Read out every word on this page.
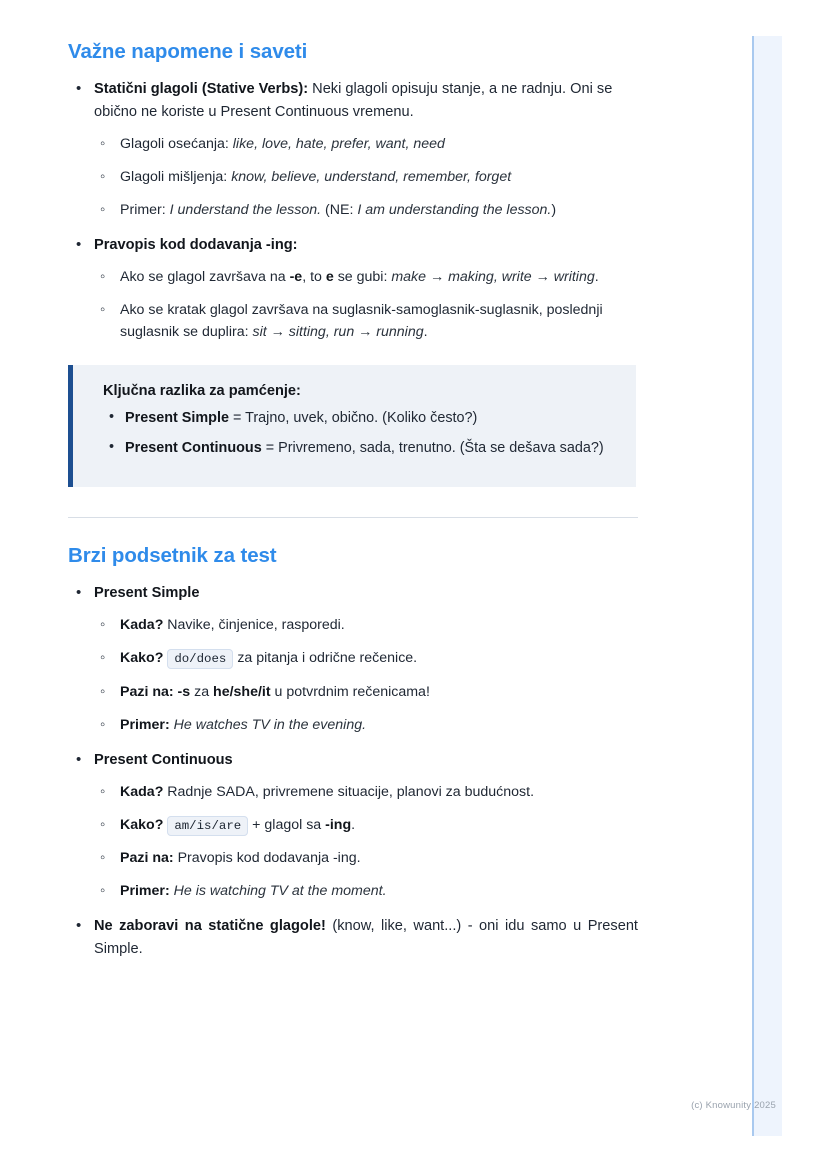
Važne napomene i saveti
• Statični glagoli (Stative Verbs): Neki glagoli opisuju stanje, a ne radnju. Oni se obično ne koriste u Present Continuous vremenu.
◦ Glagoli osećanja: like, love, hate, prefer, want, need
◦ Glagoli mišljenja: know, believe, understand, remember, forget
◦ Primer: I understand the lesson. (NE: I am understanding the lesson.)
• Pravopis kod dodavanja -ing:
◦ Ako se glagol završava na -e, to e se gubi: make → making, write → writing.
◦ Ako se kratak glagol završava na suglasnik-samoglasnik-suglasnik, poslednji suglasnik se duplira: sit → sitting, run → running.
Ključna razlika za pamćenje:
• Present Simple = Trajno, uvek, obično. (Koliko često?)
• Present Continuous = Privremeno, sada, trenutno. (Šta se dešava sada?)
Brzi podsetnik za test
• Present Simple
◦ Kada? Navike, činjenice, rasporedi.
◦ Kako? do/does za pitanja i odrične rečenice.
◦ Pazi na: -s za he/she/it u potvrdnim rečenicama!
◦ Primer: He watches TV in the evening.
• Present Continuous
◦ Kada? Radnje SADA, privremene situacije, planovi za budućnost.
◦ Kako? am/is/are + glagol sa -ing.
◦ Pazi na: Pravopis kod dodavanja -ing.
◦ Primer: He is watching TV at the moment.
• Ne zaboravi na statične glagole! (know, like, want...) - oni idu samo u Present Simple.
(c) Knowunity 2025
